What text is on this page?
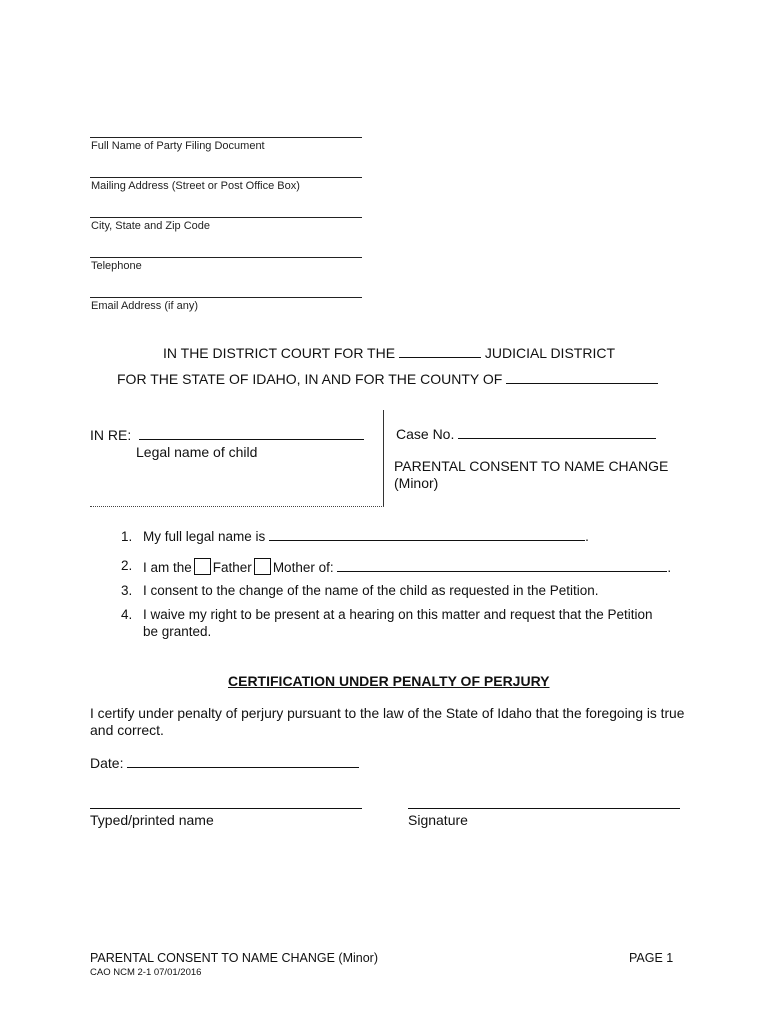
Full Name of Party Filing Document
Mailing Address (Street or Post Office Box)
City, State and Zip Code
Telephone
Email Address (if any)
IN THE DISTRICT COURT FOR THE	JUDICIAL DISTRICT
FOR THE STATE OF IDAHO, IN AND FOR THE COUNTY OF
IN RE:
Legal name of child
Case No.
PARENTAL CONSENT TO NAME CHANGE
(Minor)
1. My full legal name is	.
2. I am the Father Mother of:	.
3. I consent to the change of the name of the child as requested in the Petition.
4. I waive my right to be present at a hearing on this matter and request that the Petition
be granted.
CERTIFICATION UNDER PENALTY OF PERJURY
I certify under penalty of perjury pursuant to the law of the State of Idaho that the foregoing is true
and correct.
Date:
Typed/printed name	Signature
PARENTAL CONSENT TO NAME CHANGE (Minor)
CAO NCM 2-1 07/01/2016
PAGE 1
